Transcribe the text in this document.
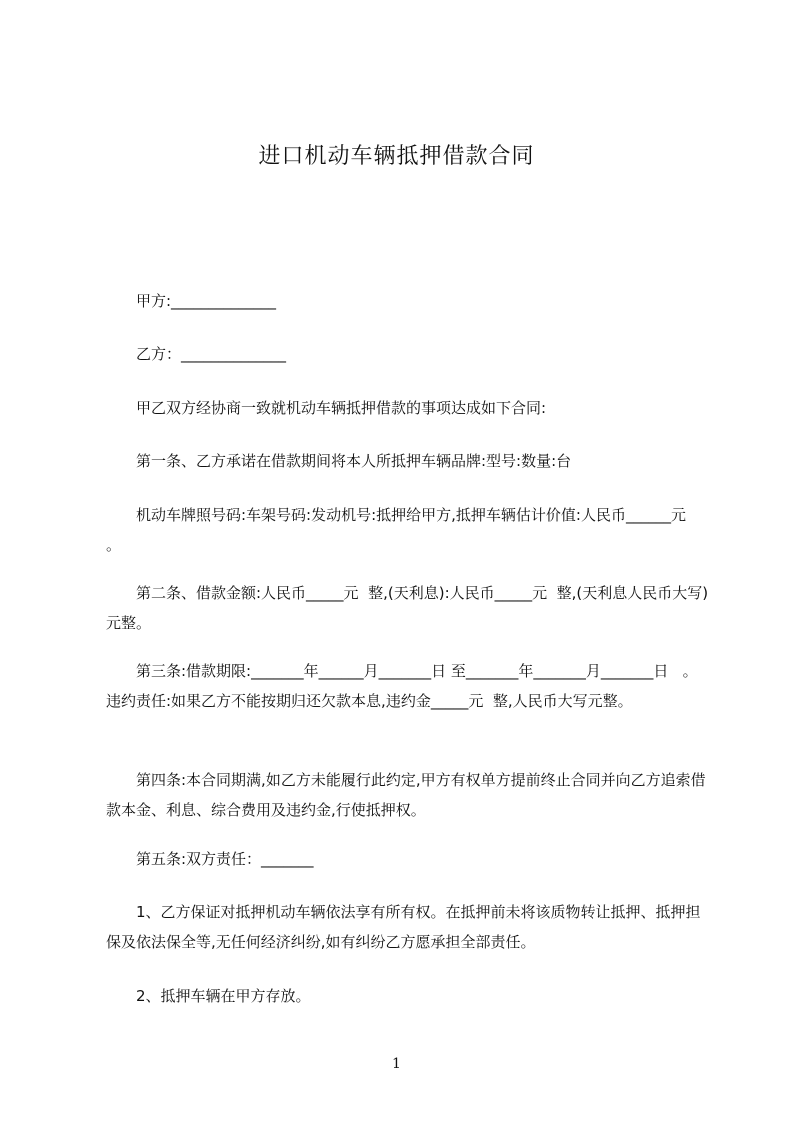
进口机动车辆抵押借款合同
甲方:______________
乙方：______________
甲乙双方经协商一致就机动车辆抵押借款的事项达成如下合同:
第一条、乙方承诺在借款期间将本人所抵押车辆品牌:型号:数量:台
机动车牌照号码:车架号码:发动机号:抵押给甲方,抵押车辆估计价值:人民币______元  。
第二条、借款金额:人民币_____元  整,(天利息):人民币_____元  整,(天利息人民币大写)元整。
第三条:借款期限:_______年______月_______日 至_______年_______月_______日   。违约责任:如果乙方不能按期归还欠款本息,违约金_____元  整,人民币大写元整。
第四条:本合同期满,如乙方未能履行此约定,甲方有权单方提前终止合同并向乙方追索借款本金、利息、综合费用及违约金,行使抵押权。
第五条:双方责任：_______
1、乙方保证对抵押机动车辆依法享有所有权。在抵押前未将该质物转让抵押、抵押担保及依法保全等,无任何经济纠纷,如有纠纷乙方愿承担全部责任。
2、抵押车辆在甲方存放。
1
